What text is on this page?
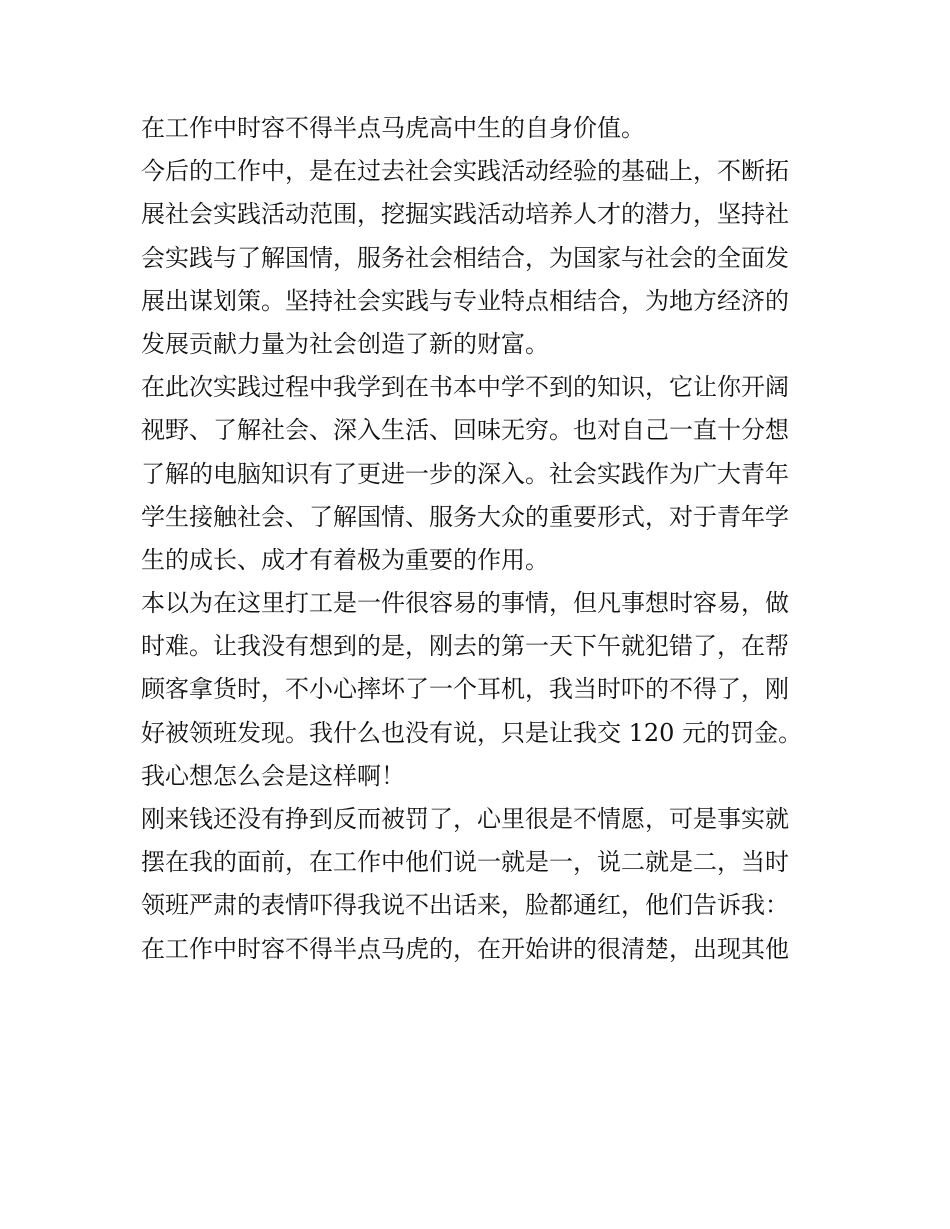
在工作中时容不得半点马虎高中生的自身价值。

今后的工作中，是在过去社会实践活动经验的基础上，不断拓
展社会实践活动范围，挖掘实践活动培养人才的潜力，坚持社
会实践与了解国情，服务社会相结合，为国家与社会的全面发
展出谋划策。坚持社会实践与专业特点相结合，为地方经济的
发展贡献力量为社会创造了新的财富。

在此次实践过程中我学到在书本中学不到的知识，它让你开阔
视野、了解社会、深入生活、回味无穷。也对自己一直十分想
了解的电脑知识有了更进一步的深入。社会实践作为广大青年
学生接触社会、了解国情、服务大众的重要形式，对于青年学
生的成长、成才有着极为重要的作用。

本以为在这里打工是一件很容易的事情，但凡事想时容易，做
时难。让我没有想到的是，刚去的第一天下午就犯错了，在帮
顾客拿货时，不小心摔坏了一个耳机，我当时吓的不得了，刚
好被领班发现。我什么也没有说，只是让我交 120 元的罚金。
我心想怎么会是这样啊！

刚来钱还没有挣到反而被罚了，心里很是不情愿，可是事实就
摆在我的面前，在工作中他们说一就是一，说二就是二，当时
领班严肃的表情吓得我说不出话来，脸都通红，他们告诉我：
在工作中时容不得半点马虎的，在开始讲的很清楚，出现其他
